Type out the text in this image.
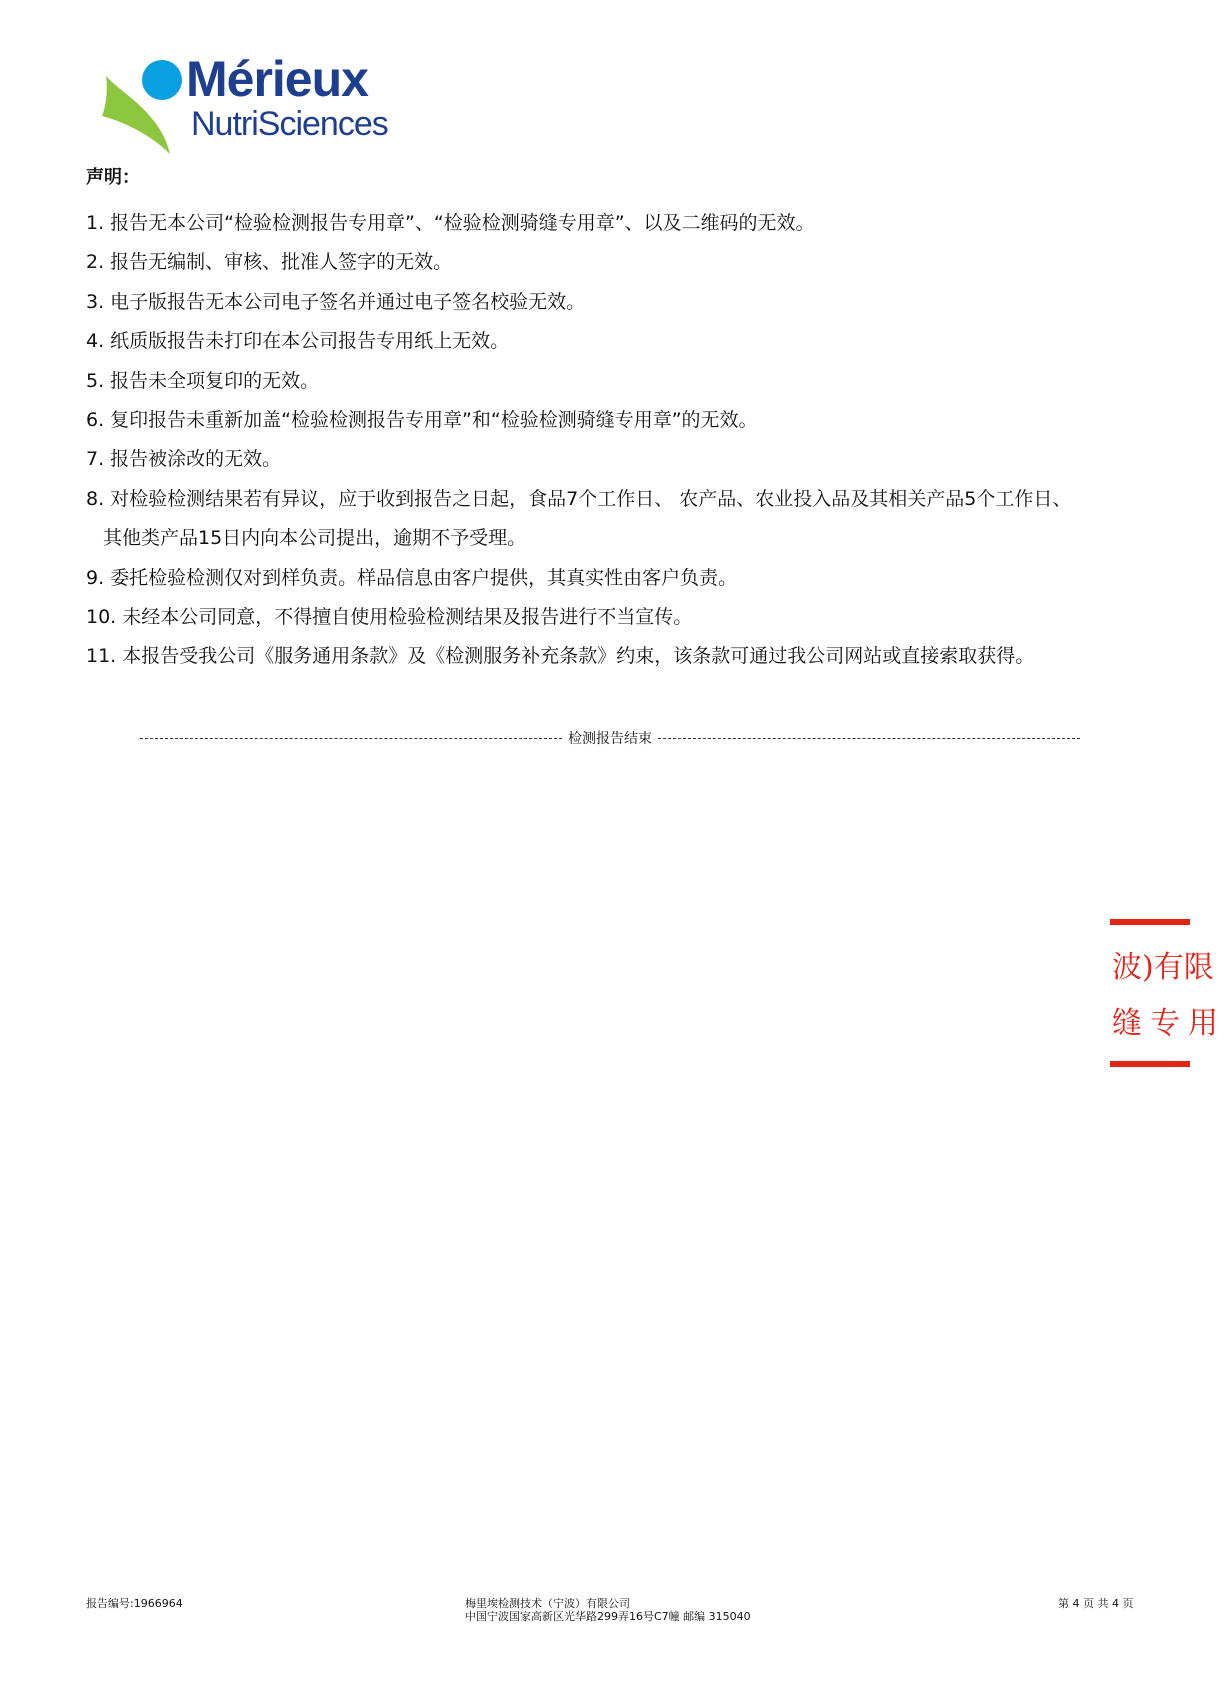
Mérieux
NutriSciences
声明：
1. 报告无本公司“检验检测报告专用章”、“检验检测骑缝专用章”、以及二维码的无效。
2. 报告无编制、审核、批准人签字的无效。
3. 电子版报告无本公司电子签名并通过电子签名校验无效。
4. 纸质版报告未打印在本公司报告专用纸上无效。
5. 报告未全项复印的无效。
6. 复印报告未重新加盖“检验检测报告专用章”和“检验检测骑缝专用章”的无效。
7. 报告被涂改的无效。
8. 对检验检测结果若有异议，应于收到报告之日起，食品7个工作日、 农产品、农业投入品及其相关产品5个工作日、
其他类产品15日内向本公司提出，逾期不予受理。
9. 委托检验检测仅对到样负责。样品信息由客户提供，其真实性由客户负责。
10. 未经本公司同意，不得擅自使用检验检测结果及报告进行不当宣传。
11. 本报告受我公司《服务通用条款》及《检测服务补充条款》约束，该条款可通过我公司网站或直接索取获得。
检测报告结束
波)有限
缝专用
报告编号:1966964	梅里埃检测技术（宁波）有限公司
中国宁波国家高新区光华路299弄16号C7幢 邮编 315040
第 4 页 共 4 页
